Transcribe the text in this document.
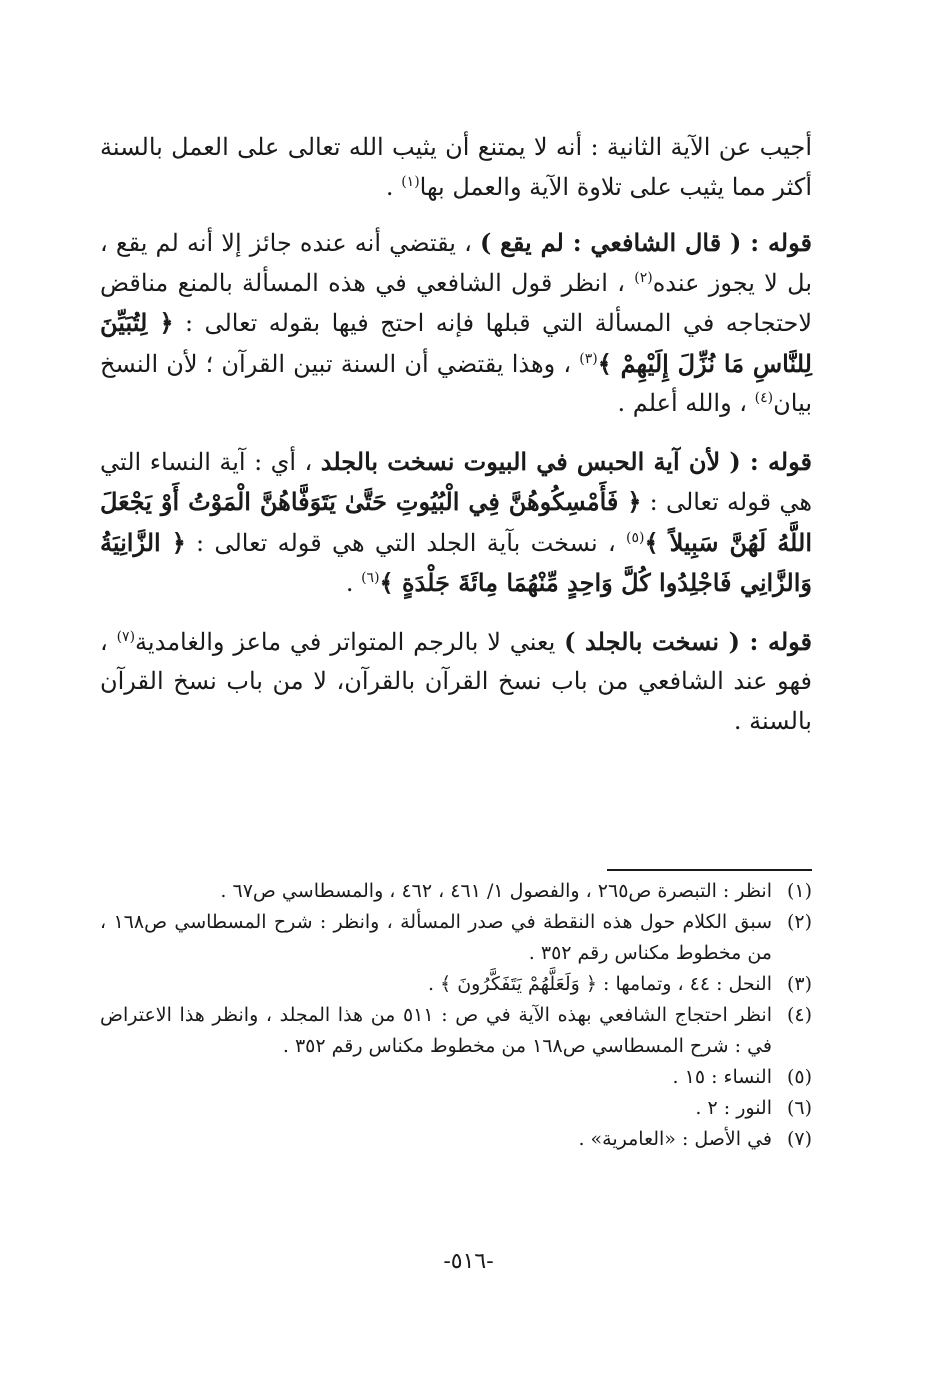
أجيب عن الآية الثانية : أنه لا يمتنع أن يثيب الله تعالى على العمل بالسنة أكثر مما يثيب على تلاوة الآية والعمل بها$^{(١)}$ .

قوله : ( قال الشافعي : لم يقع ) ، يقتضي أنه عنده جائز إلا أنه لم يقع ، بل لا يجوز عنده$^{(٢)}$ ، انظر قول الشافعي في هذه المسألة بالمنع مناقض لاحتجاجه في المسألة التي قبلها فإنه احتج فيها بقوله تعالى : ﴿ لِتُبَيِّنَ لِلنَّاسِ مَا نُزِّلَ إِلَيْهِمْ ﴾$^{(٣)}$ ، وهذا يقتضي أن السنة تبين القرآن ؛ لأن النسخ بيان$^{(٤)}$ ، والله أعلم .

قوله : ( لأن آية الحبس في البيوت نسخت بالجلد ، أي : آية النساء التي هي قوله تعالى : ﴿ فَأَمْسِكُوهُنَّ فِي الْبُيُوتِ حَتَّىٰ يَتَوَفَّاهُنَّ الْمَوْتُ أَوْ يَجْعَلَ اللَّهُ لَهُنَّ سَبِيلاً ﴾$^{(٥)}$ ، نسخت بآية الجلد التي هي قوله تعالى : ﴿ الزَّانِيَةُ وَالزَّانِي فَاجْلِدُوا كُلَّ وَاحِدٍ مِّنْهُمَا مِائَةَ جَلْدَةٍ ﴾$^{(٦)}$ .

قوله : ( نسخت بالجلد ) يعني لا بالرجم المتواتر في ماعز والغامدية$^{(٧)}$ ، فهو عند الشافعي من باب نسخ القرآن بالقرآن، لا من باب نسخ القرآن بالسنة .

(١)
انظر : التبصرة ص٢٦٥ ، والفصول ١/ ٤٦١ ، ٤٦٢ ، والمسطاسي ص٦٧ .
(٢)
سبق الكلام حول هذه النقطة في صدر المسألة ، وانظر : شرح المسطاسي ص١٦٨ ، من مخطوط مكناس رقم ٣٥٢ .
(٣)
النحل : ٤٤ ، وتمامها : ﴿ وَلَعَلَّهُمْ يَتَفَكَّرُونَ ﴾ .
(٤)
انظر احتجاج الشافعي بهذه الآية في ص : ٥١١ من هذا المجلد ، وانظر هذا الاعتراض في : شرح المسطاسي ص١٦٨ من مخطوط مكناس رقم ٣٥٢ .
(٥)
النساء : ١٥ .
(٦)
النور : ٢ .
(٧)
في الأصل : «العامرية» .
-٥١٦-
